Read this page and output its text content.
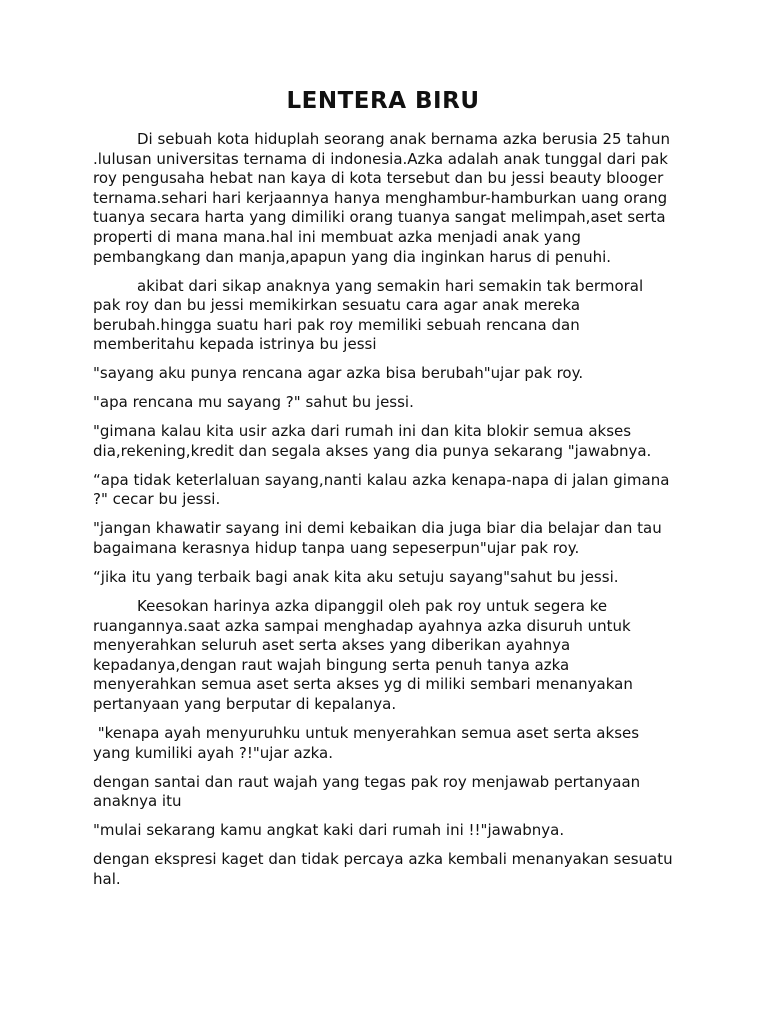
LENTERA BIRU

Di sebuah kota hiduplah seorang anak bernama azka berusia 25 tahun .lulusan universitas ternama di indonesia.Azka adalah anak tunggal dari pak roy pengusaha hebat nan kaya di kota tersebut dan bu jessi beauty blooger ternama.sehari hari kerjaannya hanya menghambur-hamburkan uang orang tuanya secara harta yang dimiliki orang tuanya sangat melimpah,aset serta properti di mana mana.hal ini membuat azka menjadi anak yang pembangkang dan manja,apapun yang dia inginkan harus di penuhi.

akibat dari sikap anaknya yang semakin hari semakin tak bermoral pak roy dan bu jessi memikirkan sesuatu cara agar anak mereka berubah.hingga suatu hari pak roy memiliki sebuah rencana dan memberitahu kepada istrinya bu jessi

"sayang aku punya rencana agar azka bisa berubah"ujar pak roy.

"apa rencana mu sayang ?" sahut bu jessi.

"gimana kalau kita usir azka dari rumah ini dan kita blokir semua akses dia,rekening,kredit dan segala akses yang dia punya sekarang "jawabnya.

“apa tidak keterlaluan sayang,nanti kalau azka kenapa-napa di jalan gimana ?" cecar bu jessi.

"jangan khawatir sayang ini demi kebaikan dia juga biar dia belajar dan tau bagaimana kerasnya hidup tanpa uang sepeserpun"ujar pak roy.

“jika itu yang terbaik bagi anak kita aku setuju sayang"sahut bu jessi.

Keesokan harinya azka dipanggil oleh pak roy untuk segera ke ruangannya.saat azka sampai menghadap ayahnya azka disuruh untuk menyerahkan seluruh aset serta akses yang diberikan ayahnya kepadanya,dengan raut wajah bingung serta penuh tanya azka menyerahkan semua aset serta akses yg di miliki sembari menanyakan pertanyaan yang berputar di kepalanya.

"kenapa ayah menyuruhku untuk menyerahkan semua aset serta akses yang kumiliki ayah ?!"ujar azka.

dengan santai dan raut wajah yang tegas pak roy menjawab pertanyaan anaknya itu

"mulai sekarang kamu angkat kaki dari rumah ini !!"jawabnya.

dengan ekspresi kaget dan tidak percaya azka kembali menanyakan sesuatu hal.
